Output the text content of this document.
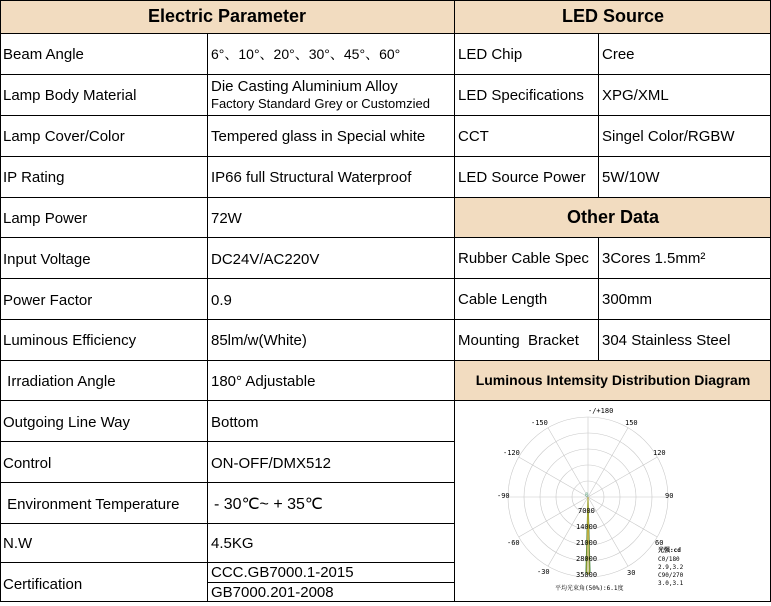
Electric Parameter	LED Source
Other Data
Luminous Intemsity Distribution Diagram
Beam Angle	6°、10°、20°、30°、45°、60°
Lamp Body Material	Die Casting Aluminium Alloy
Factory Standard Grey or Customzied
Lamp Cover/Color	Tempered glass in Special white
IP Rating	IP66 full Structural Waterproof
Lamp Power	72W
Input Voltage	DC24V/AC220V
Power Factor	0.9
Luminous Efficiency	85lm/w(White)
Irradiation Angle	180° Adjustable
Outgoing Line Way	Bottom
Control	ON-OFF/DMX512
Environment Temperature	- 30℃~ + 35℃
N.W	4.5KG
Certification
CCC.GB7000.1-2015
GB7000.201-2008
LED Chip	Cree
LED Specifications	XPG/XML
CCT	Singel Color/RGBW
LED Source Power	5W/10W
Rubber Cable Spec 3Cores 1.5mm²
Cable Length	300mm
Mounting  Bracket	304 Stainless Steel
-/+180
-150	150
-120	120
-90	90
-60	60
-30	30
0
7000
14000
21000
28000
35000
光强:cd
C0/180
2.9,3.2
C90/270
3.0,3.1
平均光束角(50%):6.1度
